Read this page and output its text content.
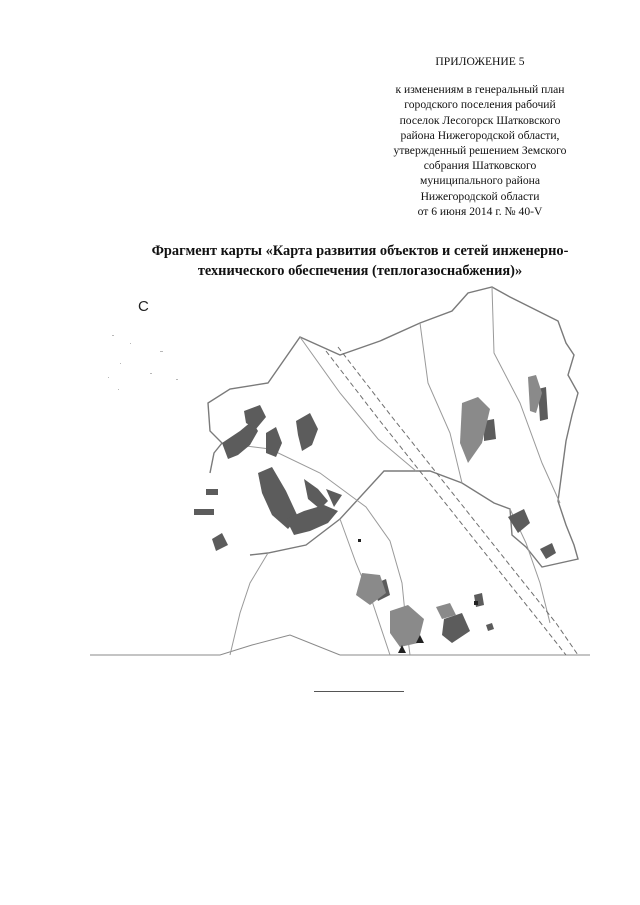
ПРИЛОЖЕНИЕ 5
к изменениям в генеральный план
городского поселения рабочий
поселок Лесогорск Шатковского
района Нижегородской области,
утвержденный решением Земского
собрания Шатковского
муниципального района
Нижегородской области
от 6 июня 2014 г. № 40-V
Фрагмент карты «Карта развития объектов и сетей инженерно-
технического обеспечения (теплогазоснабжения)»
С
